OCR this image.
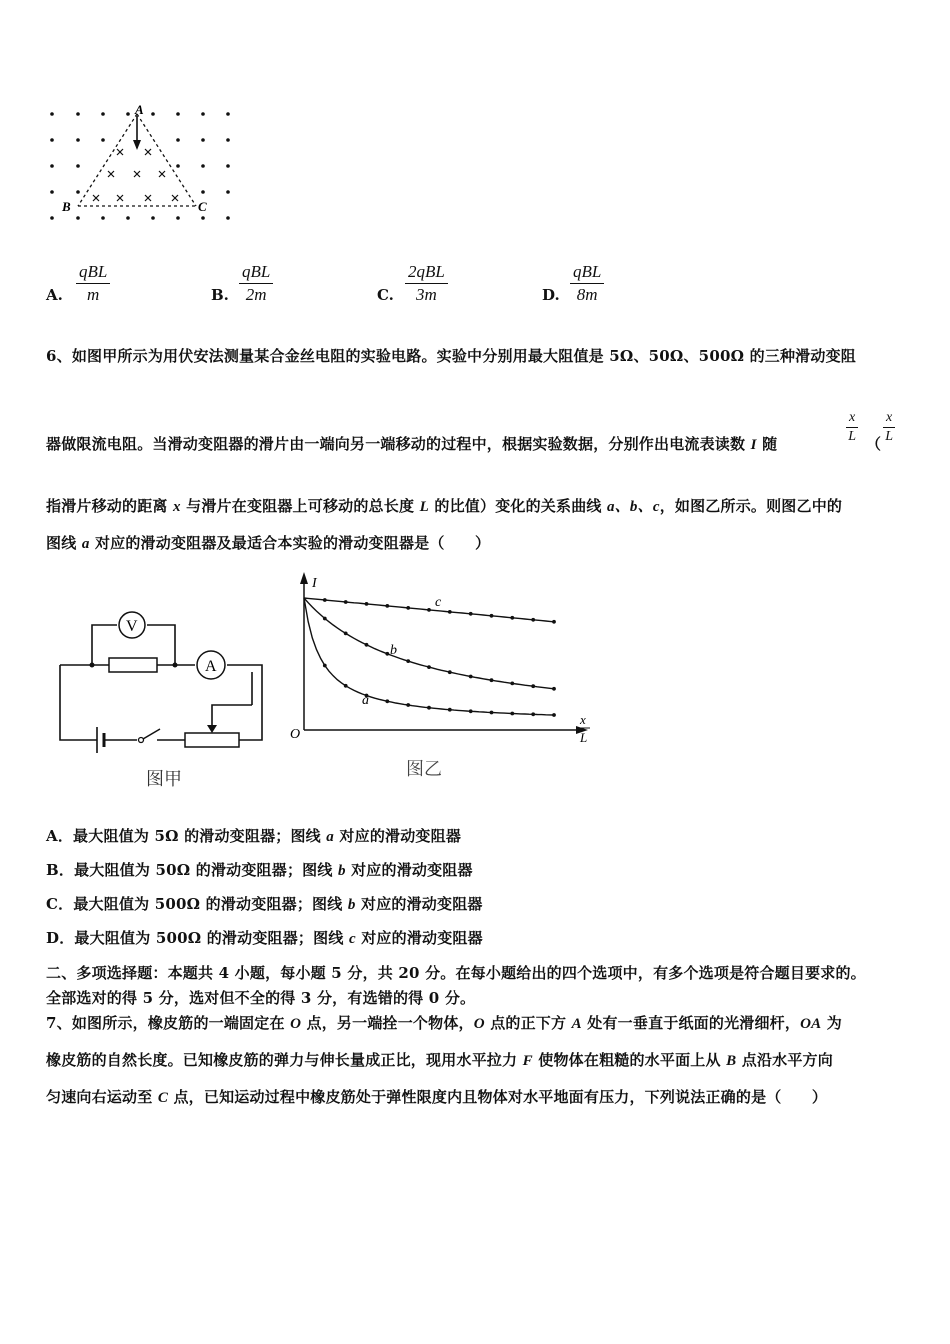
A
B	C
A.
qBL
m	B.
qBL
2m	C.
2qBL
3m	D.
qBL
8m
6、如图甲所示为用伏安法测量某合金丝电阻的实验电路。实验中分别用最大阻值是 5Ω、50Ω、500Ω 的三种滑动变阻
器做限流电阻。当滑动变阻器的滑片由一端向另一端移动的过程中，根据实验数据，分别作出电流表读数 I 随	$\frac{x}{L}$ （ $\frac{x}{L}$
指滑片移动的距离 x 与滑片在变阻器上可移动的总长度 L 的比值）变化的关系曲线 a、b、c，如图乙所示。则图乙中的
图线 a 对应的滑动变阻器及最适合本实验的滑动变阻器是（　　）
V
A
图甲
I
O
x
L
a
b
c
图乙
A．最大阻值为 5Ω 的滑动变阻器；图线 a 对应的滑动变阻器
B．最大阻值为 50Ω 的滑动变阻器；图线 b 对应的滑动变阻器
C．最大阻值为 500Ω 的滑动变阻器；图线 b 对应的滑动变阻器
D．最大阻值为 500Ω 的滑动变阻器；图线 c 对应的滑动变阻器
二、多项选择题：本题共 4 小题，每小题 5 分，共 20 分。在每小题给出的四个选项中，有多个选项是符合题目要求的。
全部选对的得 5 分，选对但不全的得 3 分，有选错的得 0 分。
7、如图所示，橡皮筋的一端固定在 O 点，另一端拴一个物体，O 点的正下方 A 处有一垂直于纸面的光滑细杆，OA 为
橡皮筋的自然长度。已知橡皮筋的弹力与伸长量成正比，现用水平拉力 F 使物体在粗糙的水平面上从 B 点沿水平方向
匀速向右运动至 C 点，已知运动过程中橡皮筋处于弹性限度内且物体对水平地面有压力，下列说法正确的是（　　）
